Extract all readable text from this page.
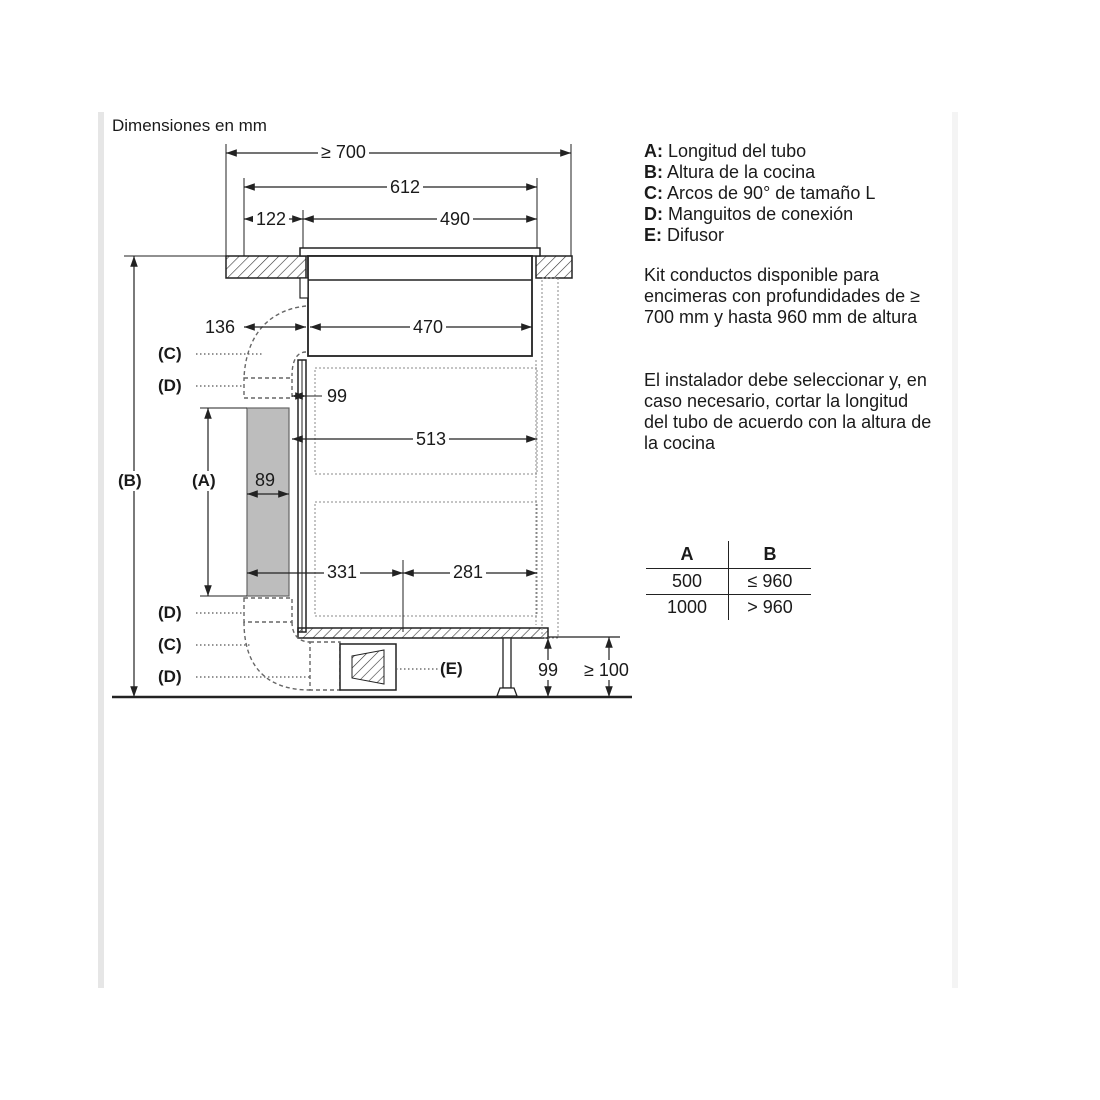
Dimensiones en mm
≥ 700
612
122	490
136	470
99
513
89
331	281
99 ≥ 100
(C)
(D)
(B)	(A)
(D)
(C)
(D)	(E)
A: Longitud del tubo
B: Altura de la cocina
C: Arcos de 90° de tamaño L
D: Manguitos de conexión
E: Difusor
Kit conductos disponible para
encimeras con profundidades de ≥
700 mm y hasta 960 mm de altura
El instalador debe seleccionar y, en
caso necesario, cortar la longitud
del tubo de acuerdo con la altura de
la cocina
A	B
500	≤ 960
1000	> 960
